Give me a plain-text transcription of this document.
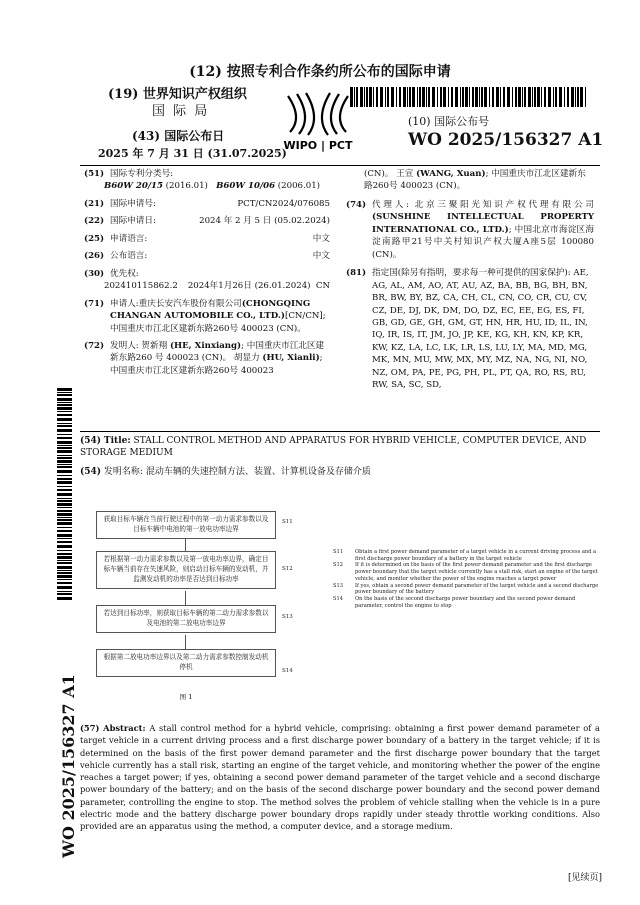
(12) 按照专利合作条约所公布的国际申请
(19) 世界知识产权组织
国 际 局
(43) 国际公布日
2025 年 7 月 31 日 (31.07.2025)
WIPO | PCT
(10) 国际公布号
WO 2025/156327 A1
(51) 国际专利分类号:
B60W 20/15 (2016.01) B60W 10/06 (2006.01)
(21) 国际申请号:	PCT/CN2024/076085
(22) 国际申请日:	2024 年 2 月 5 日 (05.02.2024)
(25) 申请语言:	中文
(26) 公布语言:	中文
(30) 优先权:
202410115862.2 2024年1月26日 (26.01.2024) CN
(71) 申请人:重庆长安汽车股份有限公司(CHONGQING CHANGAN AUTOMOBILE CO., LTD.)[CN/CN]; 中国重庆市江北区建新东路260号 400023 (CN)。
(72) 发明人: 贺新翔 (HE, Xinxiang); 中国重庆市江北区建新东路260 号 400023 (CN)。 胡显力 (HU, Xianli); 中国重庆市江北区建新东路260号 400023
(CN)。 王宣 (WANG, Xuan); 中国重庆市江北区建新东路260号 400023 (CN)。
(74) 代理人: 北京三聚阳光知识产权代理有限公司 (SUNSHINE INTELLECTUAL PROPERTY INTERNATIONAL CO., LTD.); 中国北京市海淀区海淀南路甲21号中关村知识产权大厦A座5层 100080 (CN)。
(81) 指定国(除另有指明，要求每一种可提供的国家保护): AE, AG, AL, AM, AO, AT, AU, AZ, BA, BB, BG, BH, BN, BR, BW, BY, BZ, CA, CH, CL, CN, CO, CR, CU, CV, CZ, DE, DJ, DK, DM, DO, DZ, EC, EE, EG, ES, FI, GB, GD, GE, GH, GM, GT, HN, HR, HU, ID, IL, IN, IQ, IR, IS, IT, JM, JO, JP, KE, KG, KH, KN, KP, KR, KW, KZ, LA, LC, LK, LR, LS, LU, LY, MA, MD, MG, MK, MN, MU, MW, MX, MY, MZ, NA, NG, NI, NO, NZ, OM, PA, PE, PG, PH, PL, PT, QA, RO, RS, RU, RW, SA, SC, SD,
WO 2025/156327 A1
(54) Title: STALL CONTROL METHOD AND APPARATUS FOR HYBRID VEHICLE, COMPUTER DEVICE, AND STORAGE MEDIUM
(54) 发明名称: 混动车辆的失速控制方法、装置、计算机设备及存储介质
获取目标车辆在当前行驶过程中的第一动力需求参数以及目标车辆中电池的第一放电功率边界
S11
若根据第一动力需求参数以及第一放电功率边界，确定目标车辆当前存在失速风险，则启动目标车辆的发动机，并监测发动机的功率是否达到目标功率
S12
若达到目标功率，则获取目标车辆的第二动力需求参数以及电池的第二放电功率边界
S13
根据第二放电功率边界以及第二动力需求参数控制发动机停机
S14
图 1
S11	Obtain a first power demand parameter of a target vehicle in a current driving process and a first discharge power boundary of a battery in the target vehicle
S12	If it is determined on the basis of the first power demand parameter and the first discharge power boundary that the target vehicle currently has a stall risk, start an engine of the target vehicle, and monitor whether the power of the engine reaches a target power
S13	If yes, obtain a second power demand parameter of the target vehicle and a second discharge power boundary of the battery
S14	On the basis of the second discharge power boundary and the second power demand parameter, control the engine to stop
(57) Abstract: A stall control method for a hybrid vehicle, comprising: obtaining a first power demand parameter of a target vehicle in a current driving process and a first discharge power boundary of a battery in the target vehicle; if it is determined on the basis of the first power demand parameter and the first discharge power boundary that the target vehicle currently has a stall risk, starting an engine of the target vehicle, and monitoring whether the power of the engine reaches a target power; if yes, obtaining a second power demand parameter of the target vehicle and a second discharge power boundary of the battery; and on the basis of the second discharge power boundary and the second power demand parameter, controlling the engine to stop. The method solves the problem of vehicle stalling when the vehicle is in a pure electric mode and the battery discharge power boundary drops rapidly under steady throttle working conditions. Also provided are an apparatus using the method, a computer device, and a storage medium.
[见续页]
